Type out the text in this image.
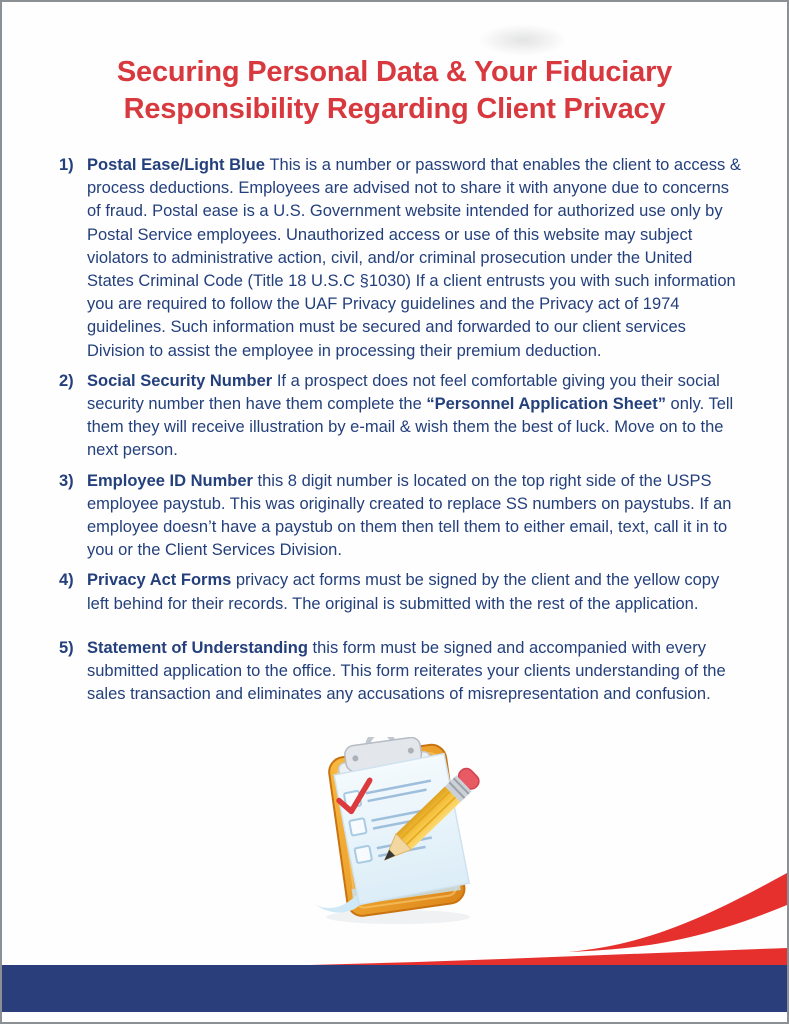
Securing Personal Data & Your Fiduciary
Responsibility Regarding Client Privacy
1) Postal Ease/Light Blue This is a number or password that enables the client to access & process deductions. Employees are advised not to share it with anyone due to concerns of fraud. Postal ease is a U.S. Government website intended for authorized use only by Postal Service employees. Unauthorized access or use of this website may subject violators to administrative action, civil, and/or criminal prosecution under the United States Criminal Code (Title 18 U.S.C §1030) If a client entrusts you with such information you are required to follow the UAF Privacy guidelines and the Privacy act of 1974 guidelines. Such information must be secured and forwarded to our client services Division to assist the employee in processing their premium deduction.
2) Social Security Number If a prospect does not feel comfortable giving you their social security number then have them complete the “Personnel Application Sheet” only. Tell them they will receive illustration by e-mail & wish them the best of luck. Move on to the next person.
3) Employee ID Number this 8 digit number is located on the top right side of the USPS employee paystub. This was originally created to replace SS numbers on paystubs. If an employee doesn’t have a paystub on them then tell them to either email, text, call it in to you or the Client Services Division.
4) Privacy Act Forms privacy act forms must be signed by the client and the yellow copy left behind for their records. The original is submitted with the rest of the application.
5) Statement of Understanding this form must be signed and accompanied with every submitted application to the office. This form reiterates your clients understanding of the sales transaction and eliminates any accusations of misrepresentation and confusion.
